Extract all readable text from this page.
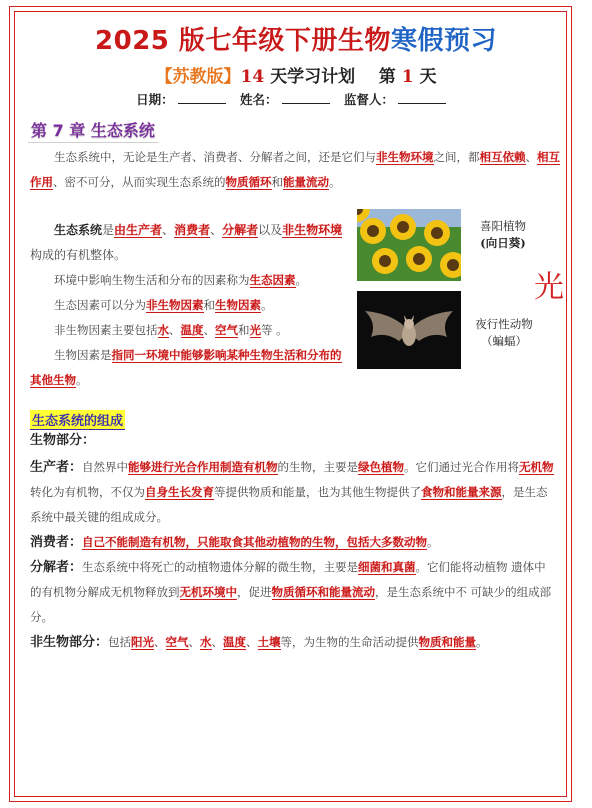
2025 版七年级下册生物寒假预习
【苏教版】14 天学习计划 第 1 天
日期：	姓名：	监督人：
第 7 章 生态系统
生态系统中，无论是生产者、消费者、分解者之间，还是它们与非生物环境之间，都相互依赖、相互作用、密不可分，从而实现生态系统的物质循环和能量流动。
生态系统是由生产者、消费者、分解者以及非生物环境构成的有机整体。
环境中影响生物生活和分布的因素称为生态因素。
生态因素可以分为非生物因素和生物因素。
非生物因素主要包括水、温度、空气和光等 。
生物因素是指同一环境中能够影响某种生物生活和分布的其他生物。
喜阳植物
(向日葵)
光
夜行性动物
（蝙蝠）
生态系统的组成
生物部分：
生产者：自然界中能够进行光合作用制造有机物的生物，主要是绿色植物。它们通过光合作用将无机物转化为有机物，不仅为自身生长发育等提供物质和能量，也为其他生物提供了食物和能量来源，是生态系统中最关键的组成成分。
消费者：自己不能制造有机物，只能取食其他动植物的生物，包括大多数动物。
分解者：生态系统中将死亡的动植物遗体分解的微生物，主要是细菌和真菌。它们能将动植物 遗体中的有机物分解成无机物释放到无机环境中，促进物质循环和能量流动，是生态系统中不 可缺少的组成部分。
非生物部分：包括阳光、空气、水、温度、土壤等，为生物的生命活动提供物质和能量。
